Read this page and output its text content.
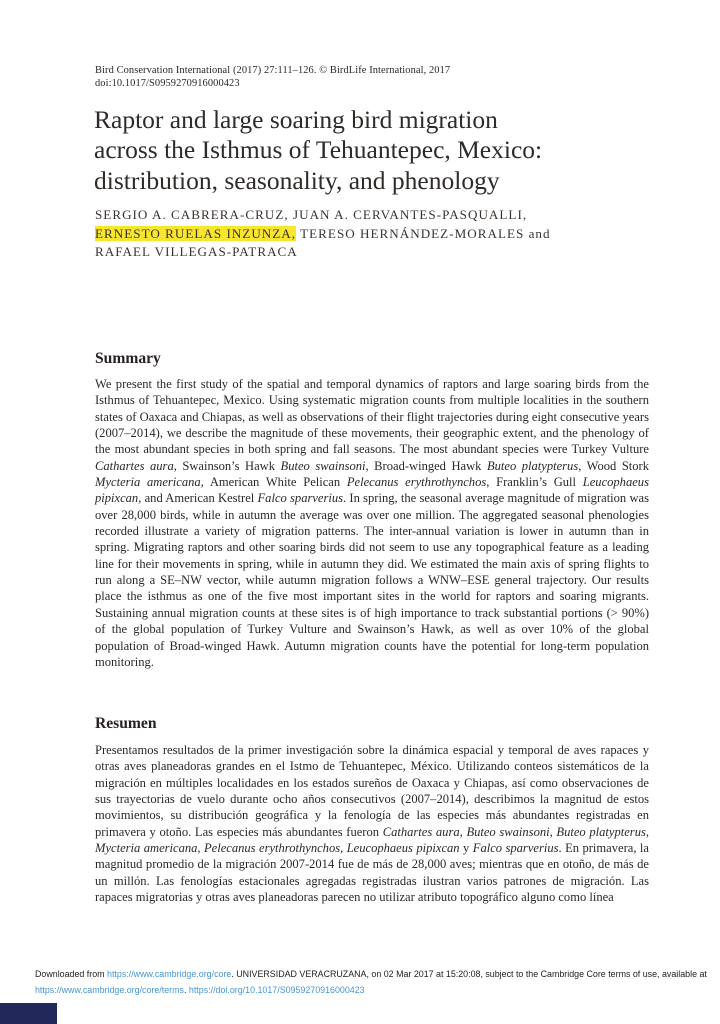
Bird Conservation International (2017) 27:111–126. © BirdLife International, 2017
doi:10.1017/S0959270916000423
Raptor and large soaring bird migration
across the Isthmus of Tehuantepec, Mexico:
distribution, seasonality, and phenology
SERGIO A. CABRERA-CRUZ, JUAN A. CERVANTES-PASQUALLI,
ERNESTO RUELAS INZUNZA, TERESO HERNÁNDEZ-MORALES and
RAFAEL VILLEGAS-PATRACA
Summary
We present the first study of the spatial and temporal dynamics of raptors and large soaring birds from the Isthmus of Tehuantepec, Mexico. Using systematic migration counts from multiple localities in the southern states of Oaxaca and Chiapas, as well as observations of their flight trajectories during eight consecutive years (2007–2014), we describe the magnitude of these movements, their geographic extent, and the phenology of the most abundant species in both spring and fall seasons. The most abundant species were Turkey Vulture Cathartes aura, Swainson’s Hawk Buteo swainsoni, Broad-winged Hawk Buteo platypterus, Wood Stork Mycteria americana, American White Pelican Pelecanus erythrothynchos, Franklin’s Gull Leucophaeus pipixcan, and American Kestrel Falco sparverius. In spring, the seasonal average magnitude of migration was over 28,000 birds, while in autumn the average was over one million. The aggregated seasonal phenologies recorded illustrate a variety of migration patterns. The inter-annual variation is lower in autumn than in spring. Migrating raptors and other soaring birds did not seem to use any topographical feature as a leading line for their movements in spring, while in autumn they did. We estimated the main axis of spring flights to run along a SE–NW vector, while autumn migration follows a WNW–ESE general trajectory. Our results place the isthmus as one of the five most important sites in the world for raptors and soaring migrants. Sustaining annual migration counts at these sites is of high importance to track substantial portions (> 90%) of the global population of Turkey Vulture and Swainson’s Hawk, as well as over 10% of the global population of Broad-winged Hawk. Autumn migration counts have the potential for long-term population monitoring.
Resumen
Presentamos resultados de la primer investigación sobre la dinámica espacial y temporal de aves rapaces y otras aves planeadoras grandes en el Istmo de Tehuantepec, México. Utilizando conteos sistemáticos de la migración en múltiples localidades en los estados sureños de Oaxaca y Chiapas, así como observaciones de sus trayectorias de vuelo durante ocho años consecutivos (2007–2014), describimos la magnitud de estos movimientos, su distribución geográfica y la fenología de las especies más abundantes registradas en primavera y otoño. Las especies más abundantes fueron Cathartes aura, Buteo swainsoni, Buteo platypterus, Mycteria americana, Pelecanus erythrothynchos, Leucophaeus pipixcan y Falco sparverius. En primavera, la magnitud promedio de la migración 2007-2014 fue de más de 28,000 aves; mientras que en otoño, de más de un millón. Las fenologías estacionales agregadas registradas ilustran varios patrones de migración. Las rapaces migratorias y otras aves planeadoras parecen no utilizar atributo topográfico alguno como línea
Downloaded from https://www.cambridge.org/core. UNIVERSIDAD VERACRUZANA, on 02 Mar 2017 at 15:20:08, subject to the Cambridge Core terms of use, available at
https://www.cambridge.org/core/terms. https://doi.org/10.1017/S0959270916000423
